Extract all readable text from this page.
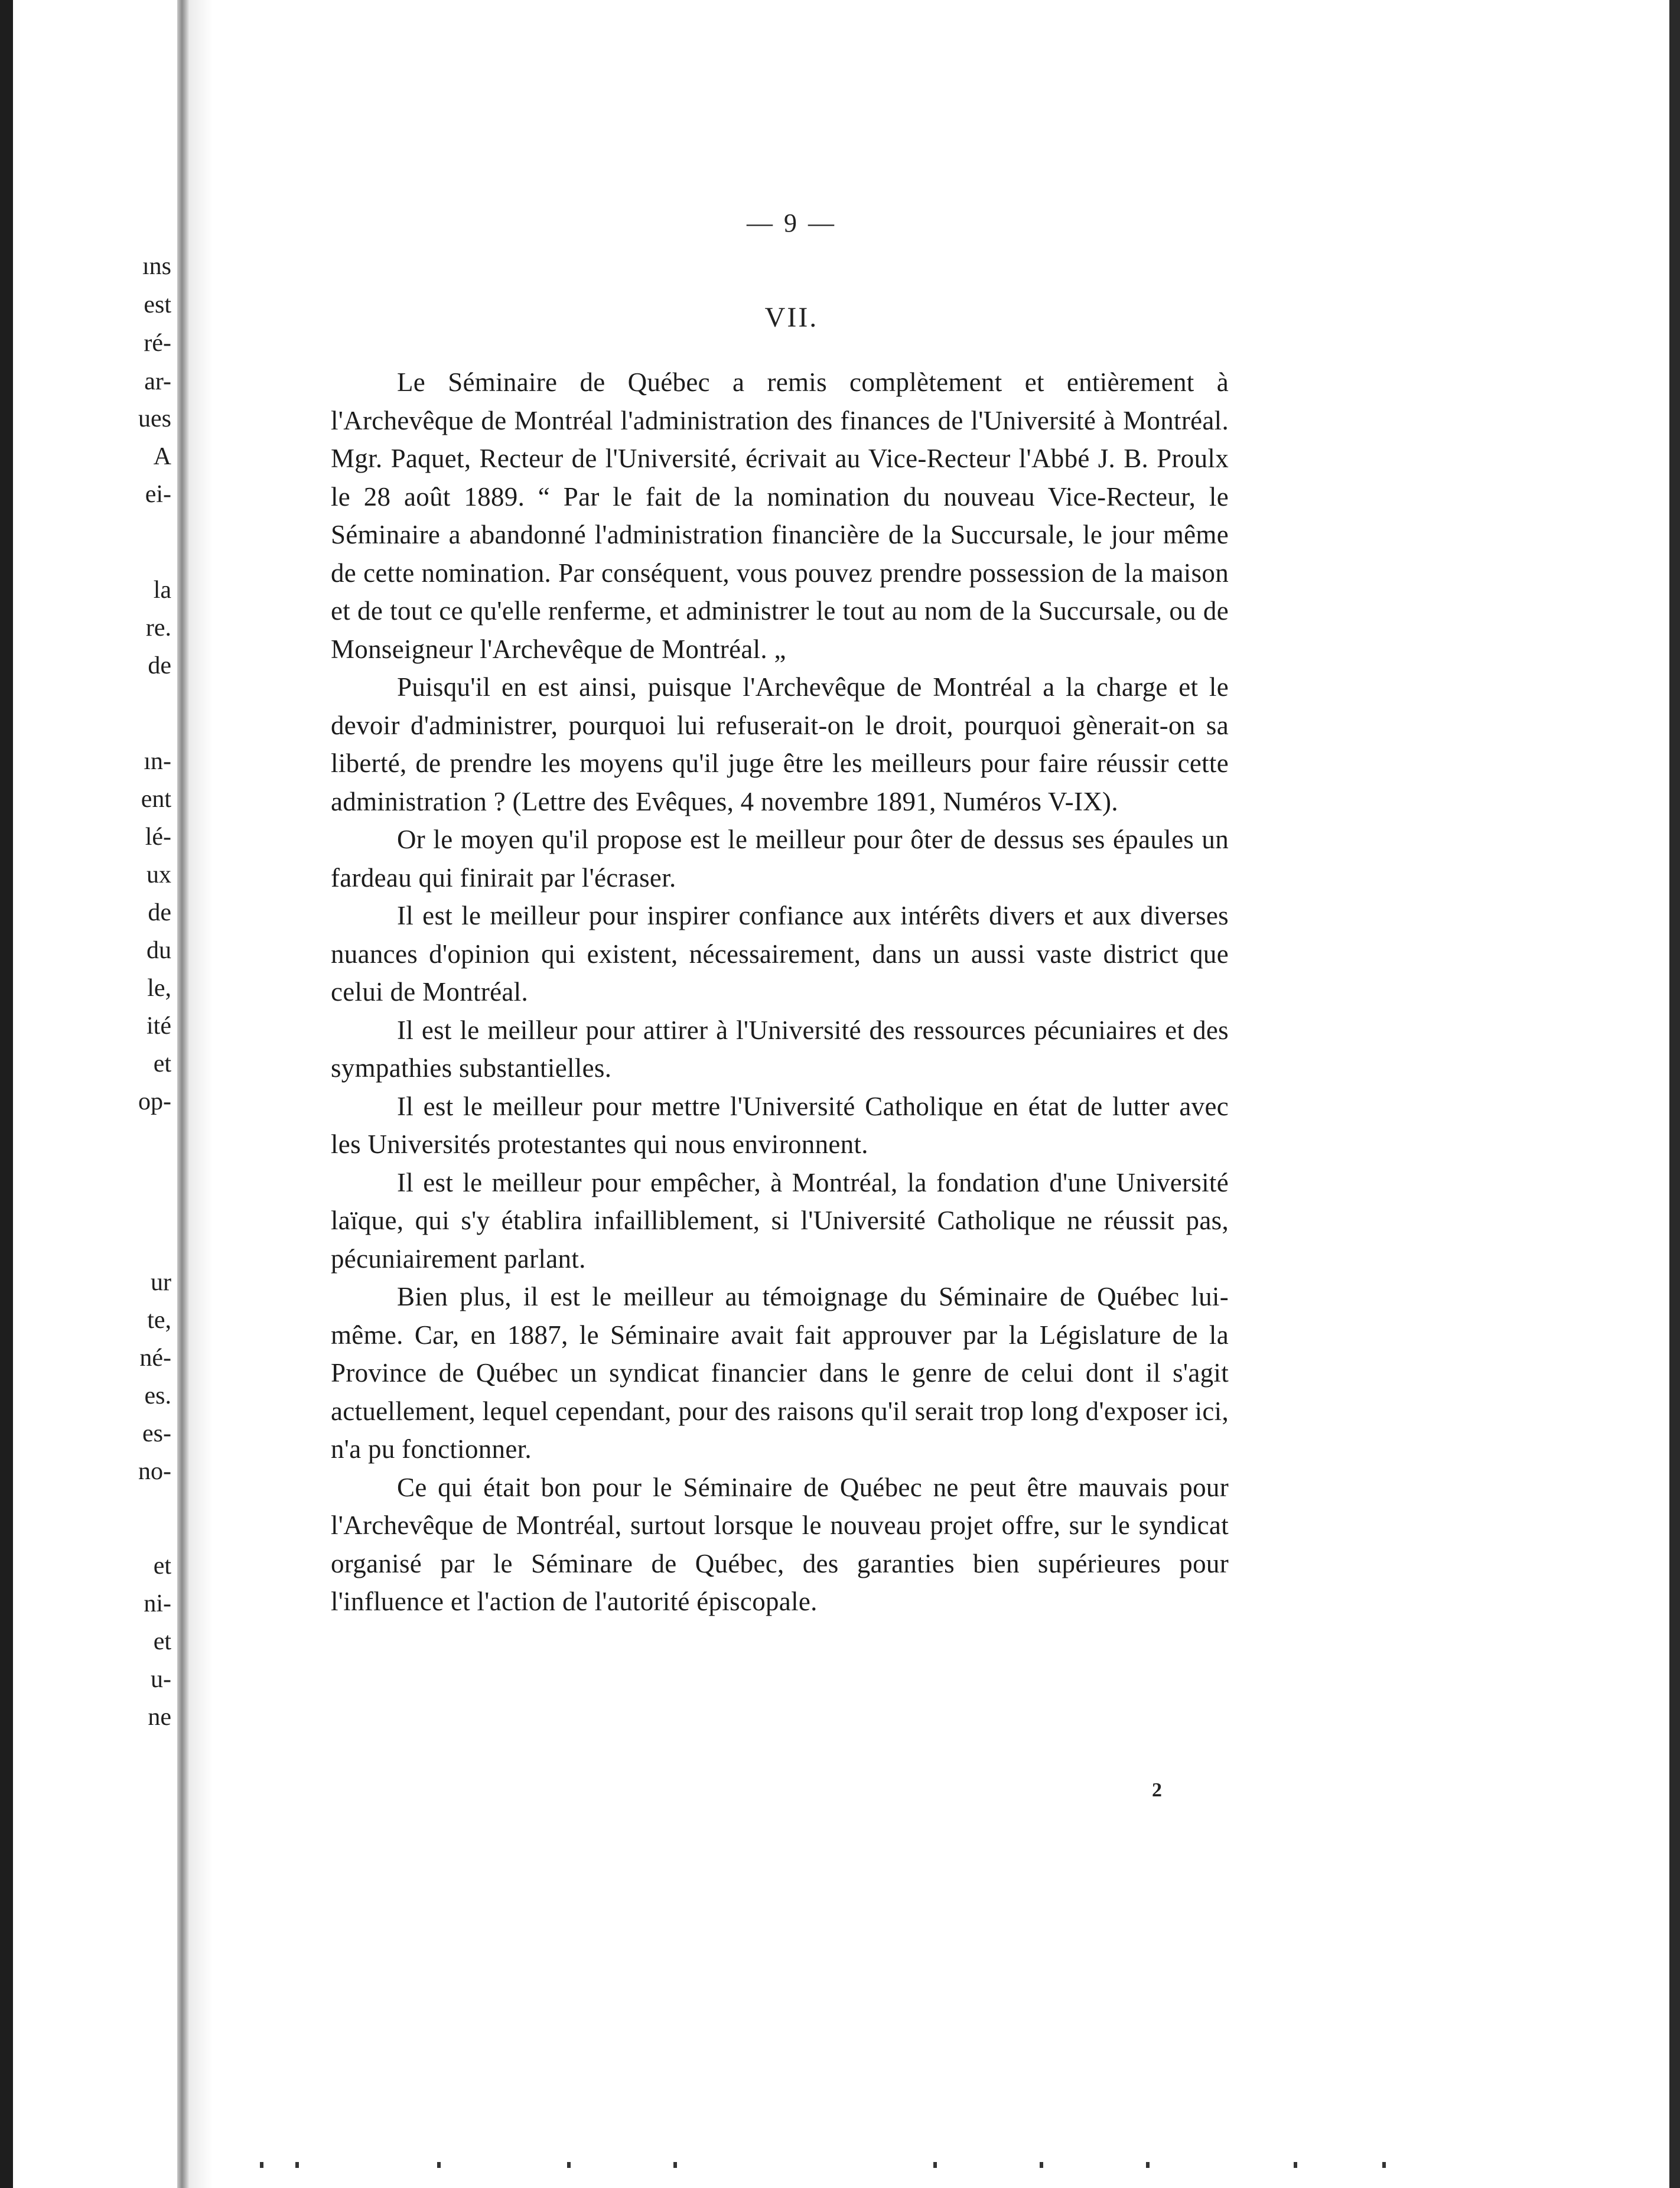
ıns
est
ré-
ar-
ues
A
ei-
la
re.
de
ın-
ent
lé-
ux
de
du
le,
ité
et
op-
ur
te,
né-
es.
es-
no-
et
ni-
et
u-
ne
— 9 —
VII.

Le Séminaire de Québec a remis complètement et entièrement à l'Archevêque de Montréal l'administration des finances de l'Université à Montréal. Mgr. Paquet, Recteur de l'Université, écrivait au Vice-Recteur l'Abbé J. B. Proulx le 28 août 1889. “ Par le fait de la nomination du nouveau Vice-Recteur, le Séminaire a abandonné l'administration financière de la Succursale, le jour même de cette nomination. Par conséquent, vous pouvez prendre possession de la maison et de tout ce qu'elle renferme, et administrer le tout au nom de la Succursale, ou de Monseigneur l'Archevêque de Montréal. „

Puisqu'il en est ainsi, puisque l'Archevêque de Montréal a la charge et le devoir d'administrer, pourquoi lui refuserait-on le droit, pourquoi gènerait-on sa liberté, de prendre les moyens qu'il juge être les meilleurs pour faire réussir cette administration ? (Lettre des Evêques, 4 novembre 1891, Numéros V-IX).

Or le moyen qu'il propose est le meilleur pour ôter de dessus ses épaules un fardeau qui finirait par l'écraser.

Il est le meilleur pour inspirer confiance aux intérêts divers et aux diverses nuances d'opinion qui existent, nécessairement, dans un aussi vaste district que celui de Montréal.

Il est le meilleur pour attirer à l'Université des ressources pécuniaires et des sympathies substantielles.

Il est le meilleur pour mettre l'Université Catholique en état de lutter avec les Universités protestantes qui nous environnent.

Il est le meilleur pour empêcher, à Montréal, la fondation d'une Université laïque, qui s'y établira infailliblement, si l'Université Catholique ne réussit pas, pécuniairement parlant.

Bien plus, il est le meilleur au témoignage du Séminaire de Québec lui-même. Car, en 1887, le Séminaire avait fait approuver par la Législature de la Province de Québec un syndicat financier dans le genre de celui dont il s'agit actuellement, lequel cependant, pour des raisons qu'il serait trop long d'exposer ici, n'a pu fonctionner.

Ce qui était bon pour le Séminaire de Québec ne peut être mauvais pour l'Archevêque de Montréal, surtout lorsque le nouveau projet offre, sur le syndicat organisé par le Séminare de Québec, des garanties bien supérieures pour l'influence et l'action de l'autorité épiscopale.

2
